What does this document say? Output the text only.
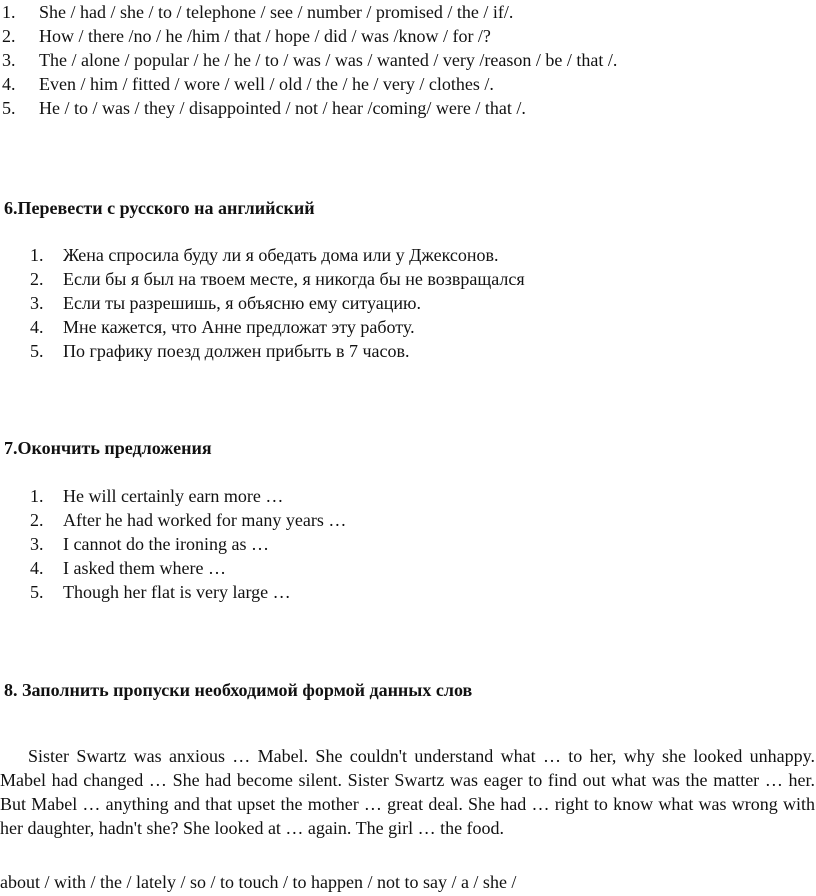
1. She / had / she / to / telephone / see / number / promised / the / if/.
2. How / there /no / he /him / that / hope / did / was /know / for /?
3. The / alone / popular / he / he / to / was / was / wanted / very /reason / be / that /.
4. Even / him / fitted / wore / well / old / the / he / very / clothes /.
5. He / to / was / they / disappointed / not / hear /coming/ were / that /.
6.Перевести с русского на английский
1. Жена спросила буду ли я обедать дома или у Джексонов.
2. Если бы я был на твоем месте, я никогда бы не возвращался
3. Если ты разрешишь, я объясню ему ситуацию.
4. Мне кажется, что Анне предложат эту работу.
5. По графику поезд должен прибыть в 7 часов.
7.Окончить предложения
1. He will certainly earn more …
2. After he had worked for many years …
3. I cannot do the ironing as …
4. I asked them where …
5. Though her flat is very large …
8. Заполнить пропуски необходимой формой данных слов

Sister Swartz was anxious … Mabel. She couldn't understand what … to her, why she looked unhappy. Mabel had changed … She had become silent. Sister Swartz was eager to find out what was the matter … her. But Mabel … anything and that upset the mother … great deal. She had … right to know what was wrong with her daughter, hadn't she? She looked at … again. The girl … the food.

about / with / the / lately / so / to touch / to happen / not to say / a / she /
